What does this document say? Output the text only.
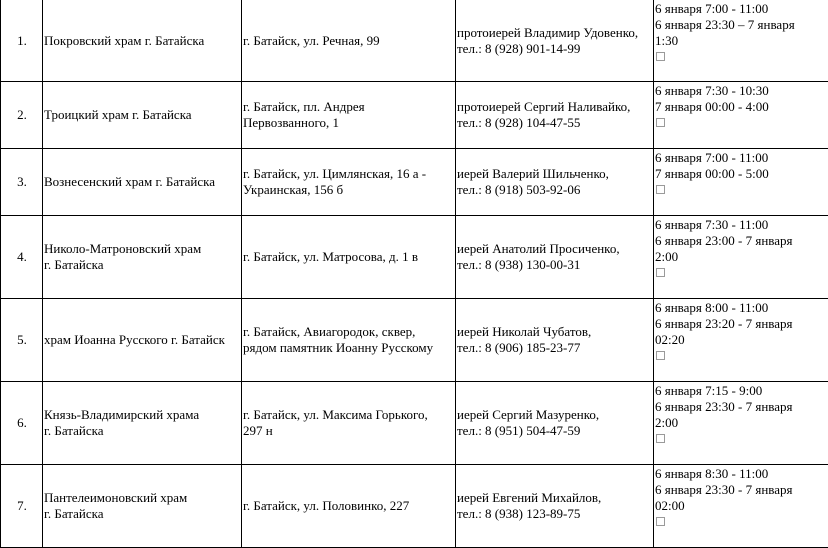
1.	Покровский храм г. Батайска	г. Батайск, ул. Речная, 99	протоиерей Владимир Удовенко,
тел.: 8 (928) 901-14-99	6 января 7:00 - 11:00
6 января 23:30 – 7 января
1:30

2.	Троицкий храм г. Батайска	г. Батайск, пл. Андрея
Первозванного, 1	протоиерей Сергий Наливайко,
тел.: 8 (928) 104-47-55	6 января 7:30 - 10:30
7 января 00:00 - 4:00

3.	Вознесенский храм г. Батайска	г. Батайск, ул. Цимлянская, 16 а -
Украинская, 156 б	иерей Валерий Шильченко,
тел.: 8 (918) 503-92-06	6 января 7:00 - 11:00
7 января 00:00 - 5:00

4.	Николо-Матроновский храм
г. Батайска	г. Батайск, ул. Матросова, д. 1 в	иерей Анатолий Просиченко,
тел.: 8 (938) 130-00-31	6 января 7:30 - 11:00
6 января 23:00 - 7 января
2:00

5.	храм Иоанна Русского г. Батайск	г. Батайск, Авиагородок, сквер,
рядом памятник Иоанну Русскому	иерей Николай Чубатов,
тел.: 8 (906) 185-23-77	6 января 8:00 - 11:00
6 января 23:20 - 7 января
02:20

6.	Князь-Владимирский храма
г. Батайска	г. Батайск, ул. Максима Горького,
297 н	иерей Сергий Мазуренко,
тел.: 8 (951) 504-47-59	6 января 7:15 - 9:00
6 января 23:30 - 7 января
2:00

7.	Пантелеимоновский храм
г. Батайска	г. Батайск, ул. Половинко, 227	иерей Евгений Михайлов,
тел.: 8 (938) 123-89-75	6 января 8:30 - 11:00
6 января 23:30 - 7 января
02:00
